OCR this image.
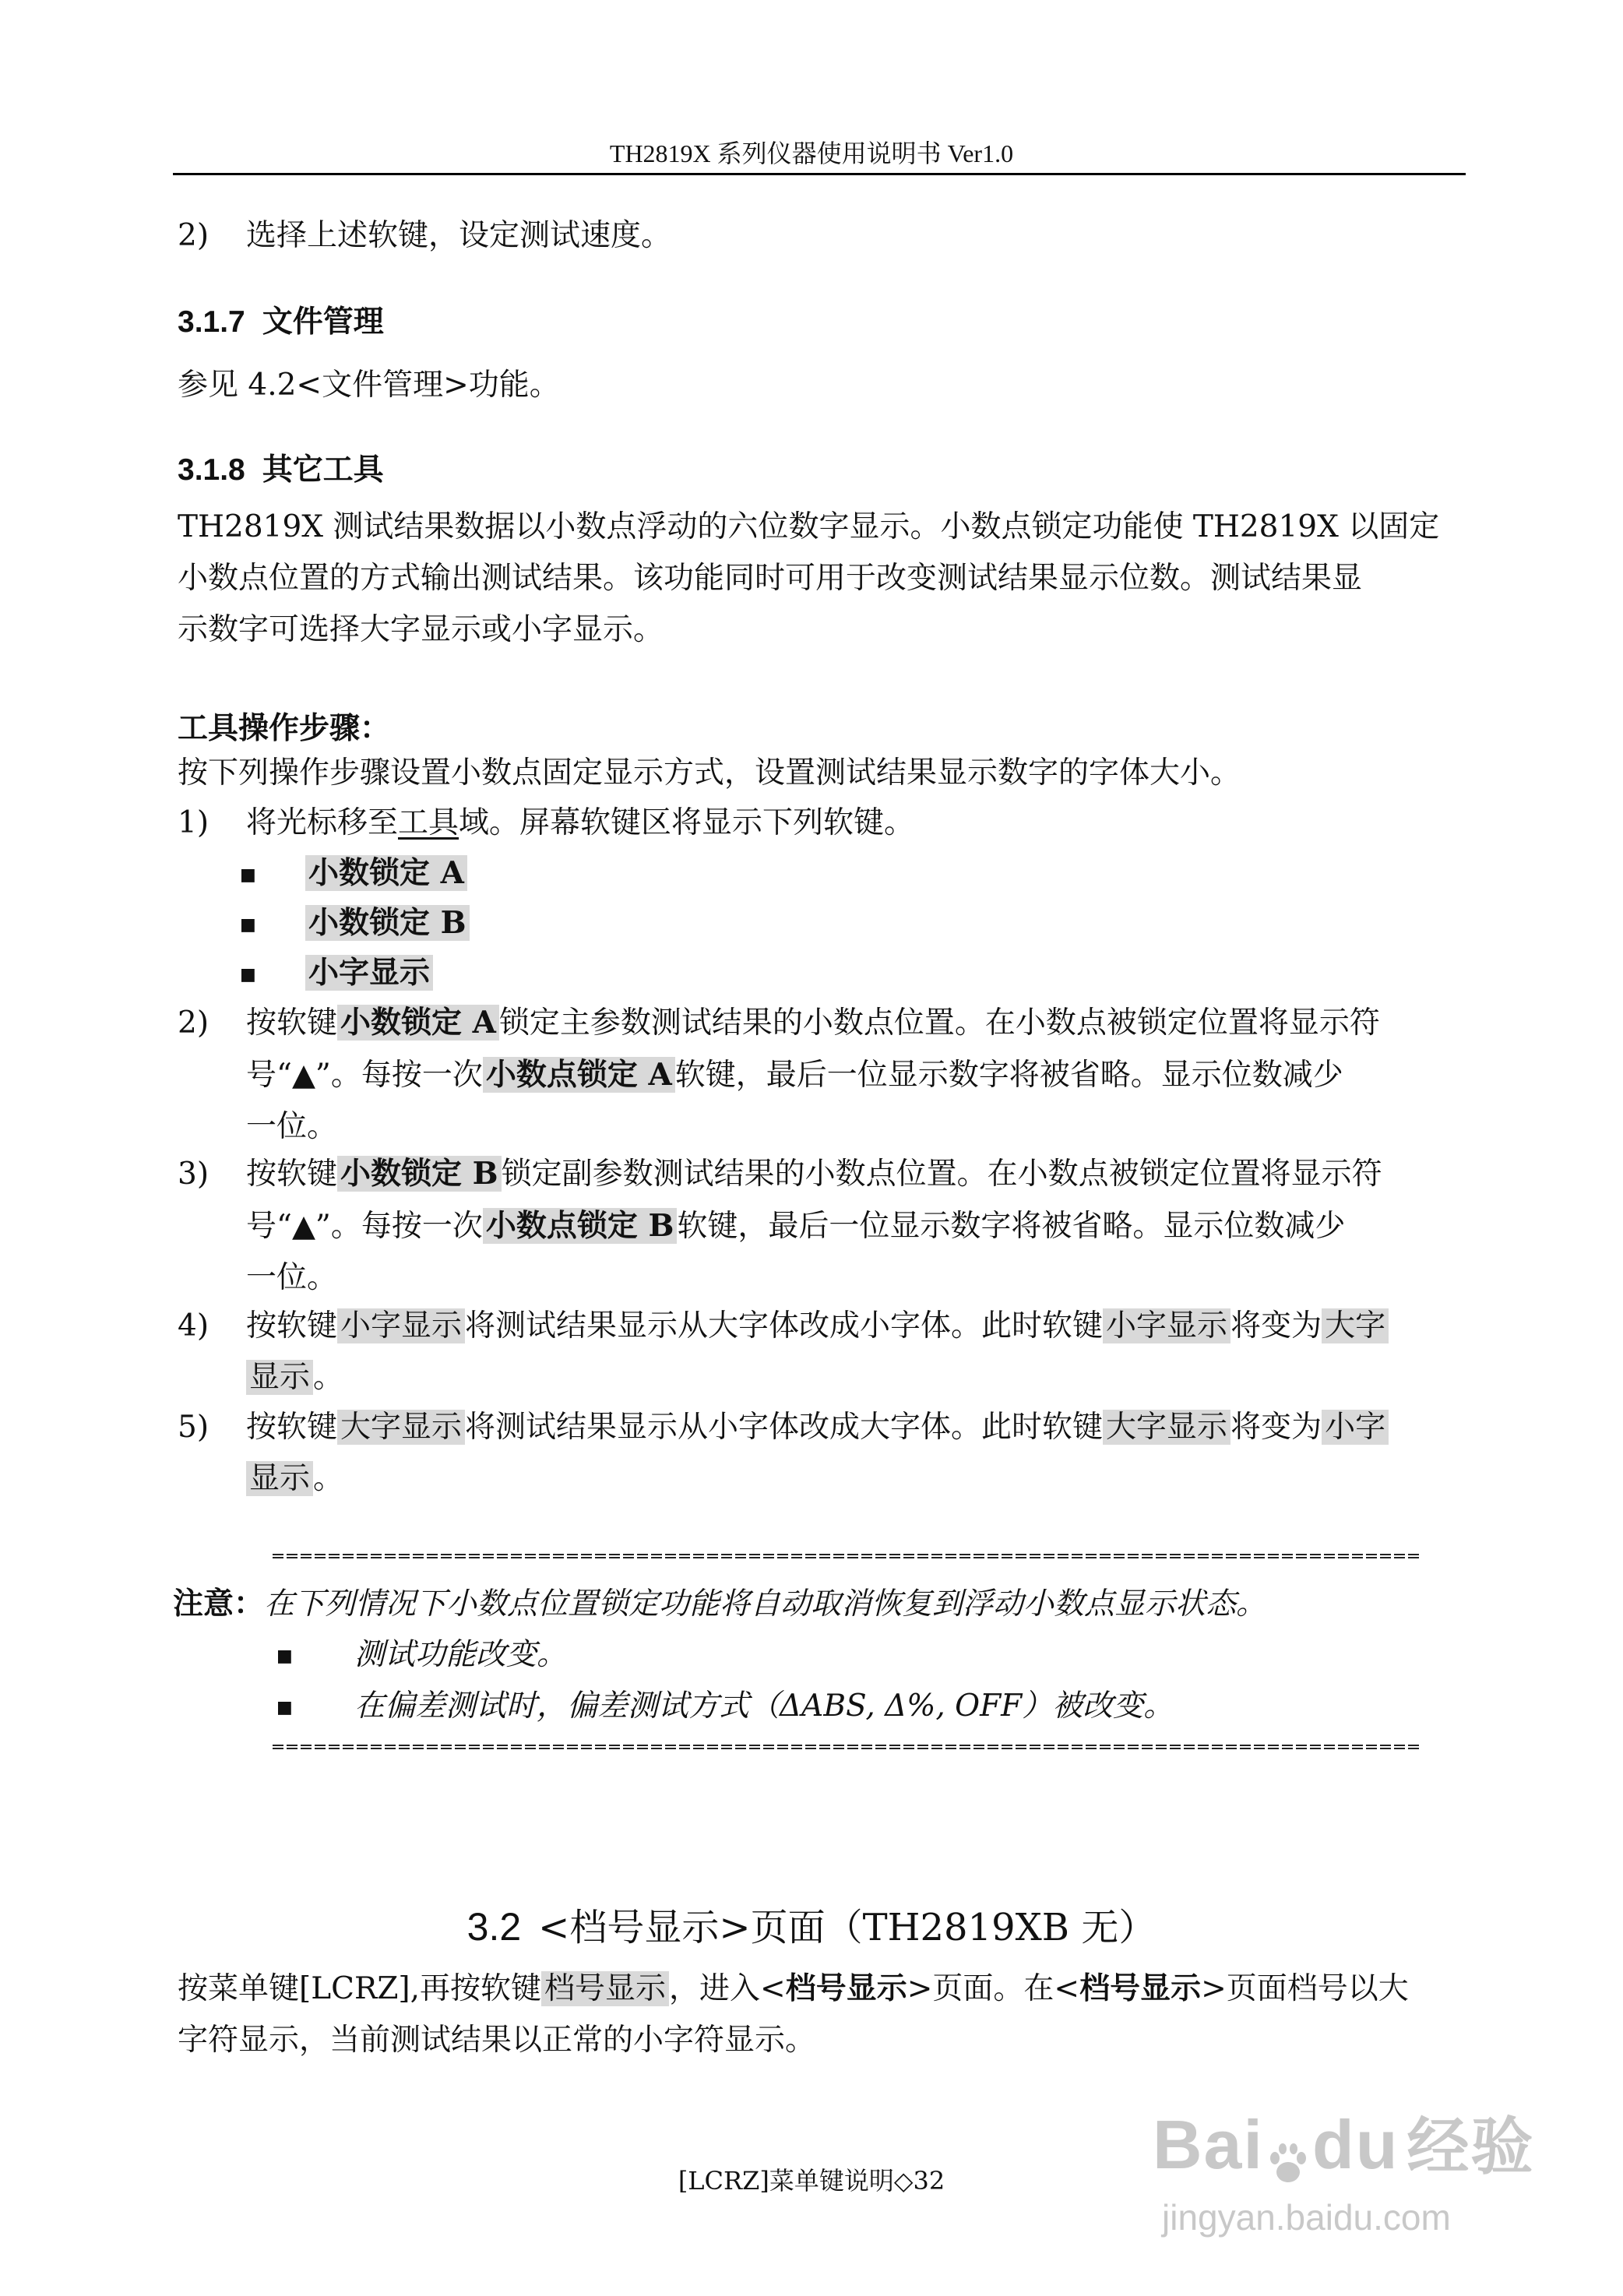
TH2819X 系列仪器使用说明书 Ver1.0
2) 选择上述软键，设定测试速度。
3.1.7 文件管理
参见 4.2<文件管理>功能。
3.1.8 其它工具
TH2819X 测试结果数据以小数点浮动的六位数字显示。小数点锁定功能使 TH2819X 以固定
小数点位置的方式输出测试结果。该功能同时可用于改变测试结果显示位数。测试结果显
示数字可选择大字显示或小字显示。
工具操作步骤：
按下列操作步骤设置小数点固定显示方式，设置测试结果显示数字的字体大小。
1) 将光标移至工具域。屏幕软键区将显示下列软键。
■ 小数锁定 A
■ 小数锁定 B
■ 小字显示
2) 按软键 小数锁定 A 锁定主参数测试结果的小数点位置。在小数点被锁定位置将显示符
号“▲”。每按一次 小数点锁定 A 软键，最后一位显示数字将被省略。显示位数减少
一位。
3) 按软键 小数锁定 B 锁定副参数测试结果的小数点位置。在小数点被锁定位置将显示符
号“▲”。每按一次 小数点锁定 B 软键，最后一位显示数字将被省略。显示位数减少
一位。
4) 按软键 小字显示 将测试结果显示从大字体改成小字体。此时软键 小字显示 将变为 大字
显示 。
5) 按软键 大字显示 将测试结果显示从小字体改成大字体。此时软键 大字显示 将变为 小字
显示 。
注意：在下列情况下小数点位置锁定功能将自动取消恢复到浮动小数点显示状态。
■ 测试功能改变。
■ 在偏差测试时，偏差测试方式（ΔABS, Δ%, OFF）被改变。
3.2 <档号显示>页面（TH2819XB 无）
按菜单键[LCRZ],再按软键 档号显示 ，进入<档号显示>页面。在<档号显示>页面档号以大
字符显示，当前测试结果以正常的小字符显示。
[LCRZ]菜单键说明◇32	Bai du 经验
jingyan.baidu.com
